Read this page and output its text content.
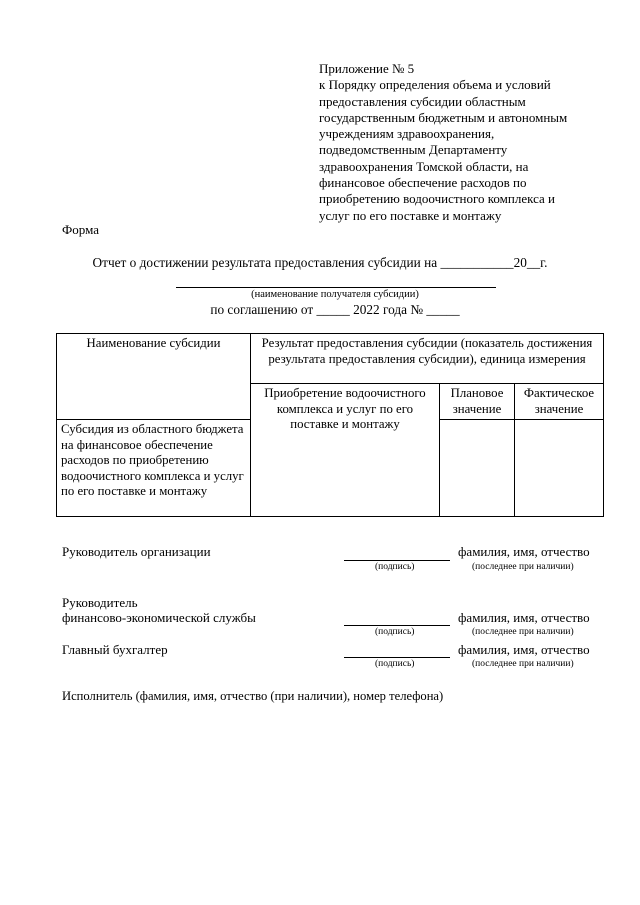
Приложение № 5
к Порядку определения объема и условий
предоставления субсидии областным
государственным бюджетным и автономным
учреждениям здравоохранения,
подведомственным Департаменту
здравоохранения Томской области, на
финансовое обеспечение расходов по
приобретению водоочистного комплекса и
услуг по его поставке и монтажу
Форма
Отчет о достижении результата предоставления субсидии на ___________20__г.
(наименование получателя субсидии)
по соглашению от _____ 2022 года № _____
Наименование субсидии	Результат предоставления субсидии (показатель достижения результата предоставления субсидии), единица измерения		
	Приобретение водоочистного комплекса и услуг по его поставке и монтажу	Плановое значение	Фактическое значение
Субсидия из областного бюджета на финансовое обеспечение расходов по приобретению водоочистного комплекса и услуг по его поставке и монтажу			
Руководитель организации
(подпись)
фамилия, имя, отчество
(последнее при наличии)
Руководитель
финансово-экономической службы
(подпись)
фамилия, имя, отчество
(последнее при наличии)
Главный бухгалтер
(подпись)
фамилия, имя, отчество
(последнее при наличии)
Исполнитель (фамилия, имя, отчество (при наличии), номер телефона)
